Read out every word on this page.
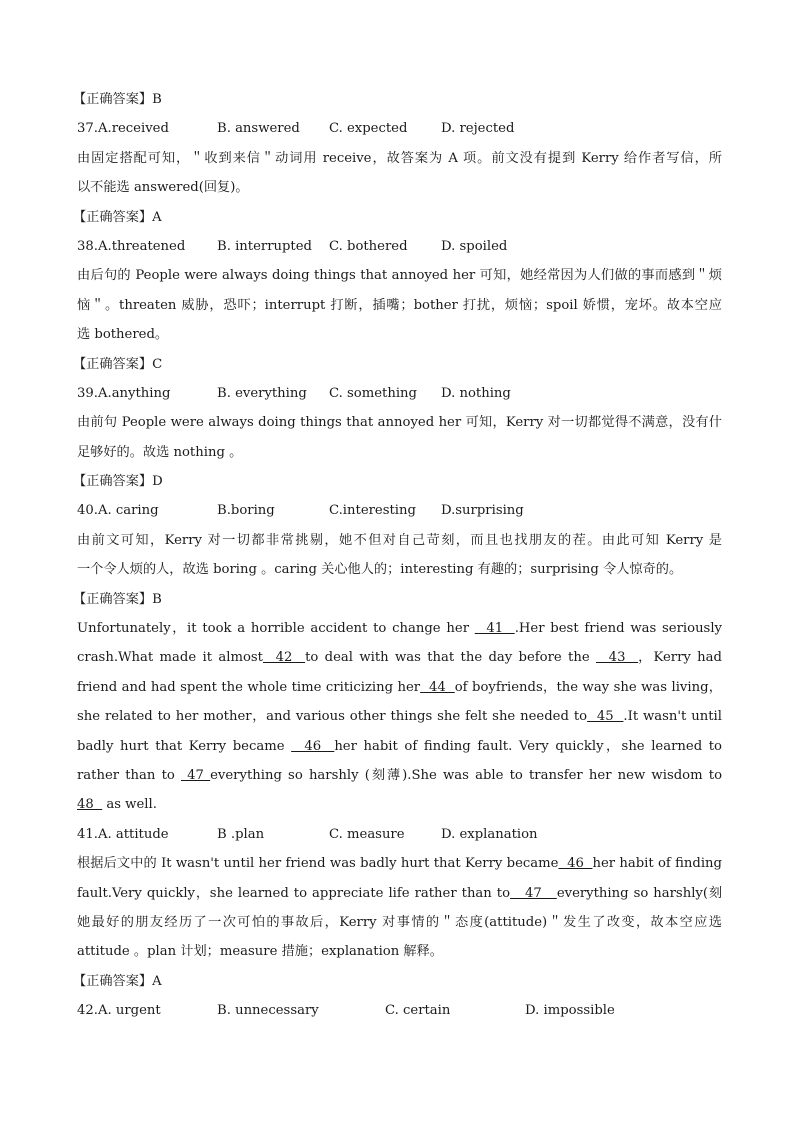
【正确答案】B
37.A.received	B. answered C. expected	D. rejected
由固定搭配可知，＂收到来信＂动词用 receive，故答案为 A 项。前文没有提到 Kerry 给作者写信，所
以不能选 answered(回复)。
【正确答案】A
38.A.threatened B. interrupted C. bothered	D. spoiled
由后句的 People were always doing things that annoyed her 可知，她经常因为人们做的事而感到＂烦
恼＂。threaten 威胁，恐吓；interrupt 打断，插嘴；bother 打扰，烦恼；spoil 娇惯，宠坏。故本空应
选 bothered。
【正确答案】C
39.A.anything	B. everything C. something D. nothing
由前句 People were always doing things that annoyed her 可知，Kerry 对一切都觉得不满意，没有什
足够好的。故选 nothing 。
【正确答案】D
40.A. caring	B.boring	C.interesting D.surprising
由前文可知，Kerry 对一切都非常挑剔，她不但对自己苛刻，而且也找朋友的茬。由此可知 Kerry 是
一个令人烦的人，故选 boring 。caring 关心他人的；interesting 有趣的；surprising 令人惊奇的。
【正确答案】B
Unfortunately，it took a horrible accident to change her   41  .Her best friend was seriously
crash.What made it almost  42  to deal with was that the day before the   43  ，Kerry had
friend and had spent the whole time criticizing her  44  of boyfriends，the way she was living，
she related to her mother，and various other things she felt she needed to  45  .It wasn't until
badly hurt that Kerry became   46  her habit of finding fault. Very quickly，she learned to
rather than to  47 everything so harshly (刻薄).She was able to transfer her new wisdom to
48   as well.
41.A. attitude	B .plan	C. measure	D. explanation
根据后文中的 It wasn't until her friend was badly hurt that Kerry became  46  her habit of finding
fault.Very quickly，she learned to appreciate life rather than to   47   everything so harshly(刻
她最好的朋友经历了一次可怕的事故后，Kerry 对事情的＂态度(attitude)＂发生了改变，故本空应选
attitude 。plan 计划；measure 措施；explanation 解释。
【正确答案】A
42.A. urgent	B. unnecessary	C. certain	D. impossible
